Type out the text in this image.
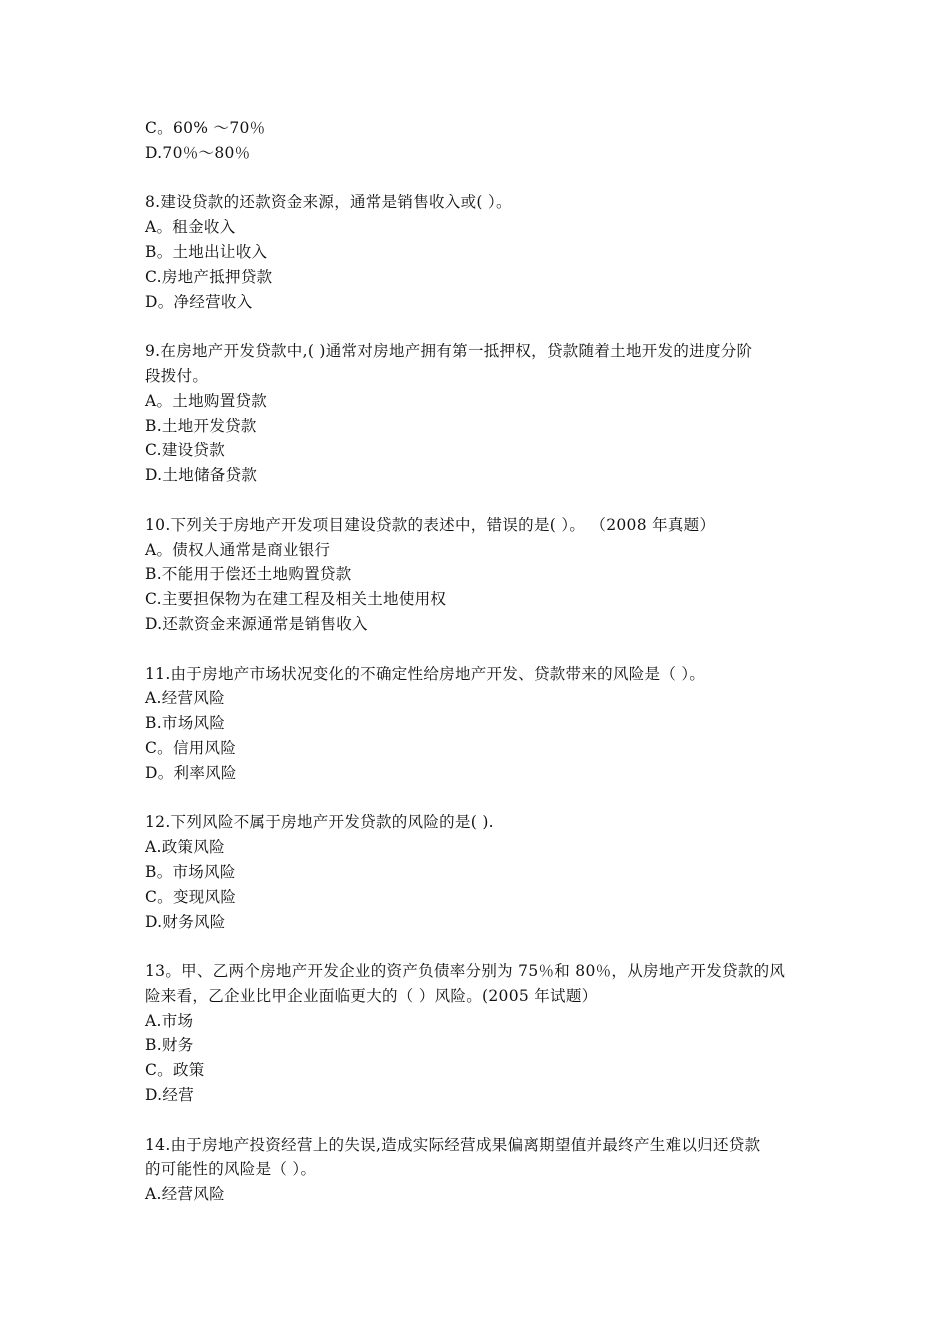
C。60% ～70％
D.70％～80％
8.建设贷款的还款资金来源，通常是销售收入或( ）。
A。租金收入
B。土地出让收入
C.房地产抵押贷款
D。净经营收入
9.在房地产开发贷款中,( )通常对房地产拥有第一抵押权，贷款随着土地开发的进度分阶
段拨付。
A。土地购置贷款
B.土地开发贷款
C.建设贷款
D.土地储备贷款
10.下列关于房地产开发项目建设贷款的表述中，错误的是( ）。 （2008 年真题）
A。债权人通常是商业银行
B.不能用于偿还土地购置贷款
C.主要担保物为在建工程及相关土地使用权
D.还款资金来源通常是销售收入
11.由于房地产市场状况变化的不确定性给房地产开发、贷款带来的风险是（ ）。
A.经营风险
B.市场风险
C。信用风险
D。利率风险
12.下列风险不属于房地产开发贷款的风险的是( ).
A.政策风险
B。市场风险
C。变现风险
D.财务风险
13。甲、乙两个房地产开发企业的资产负债率分别为 75％和 80％，从房地产开发贷款的风
险来看，乙企业比甲企业面临更大的（ ）风险。(2005 年试题）
A.市场
B.财务
C。政策
D.经营
14.由于房地产投资经营上的失误,造成实际经营成果偏离期望值并最终产生难以归还贷款
的可能性的风险是（ ）。
A.经营风险
